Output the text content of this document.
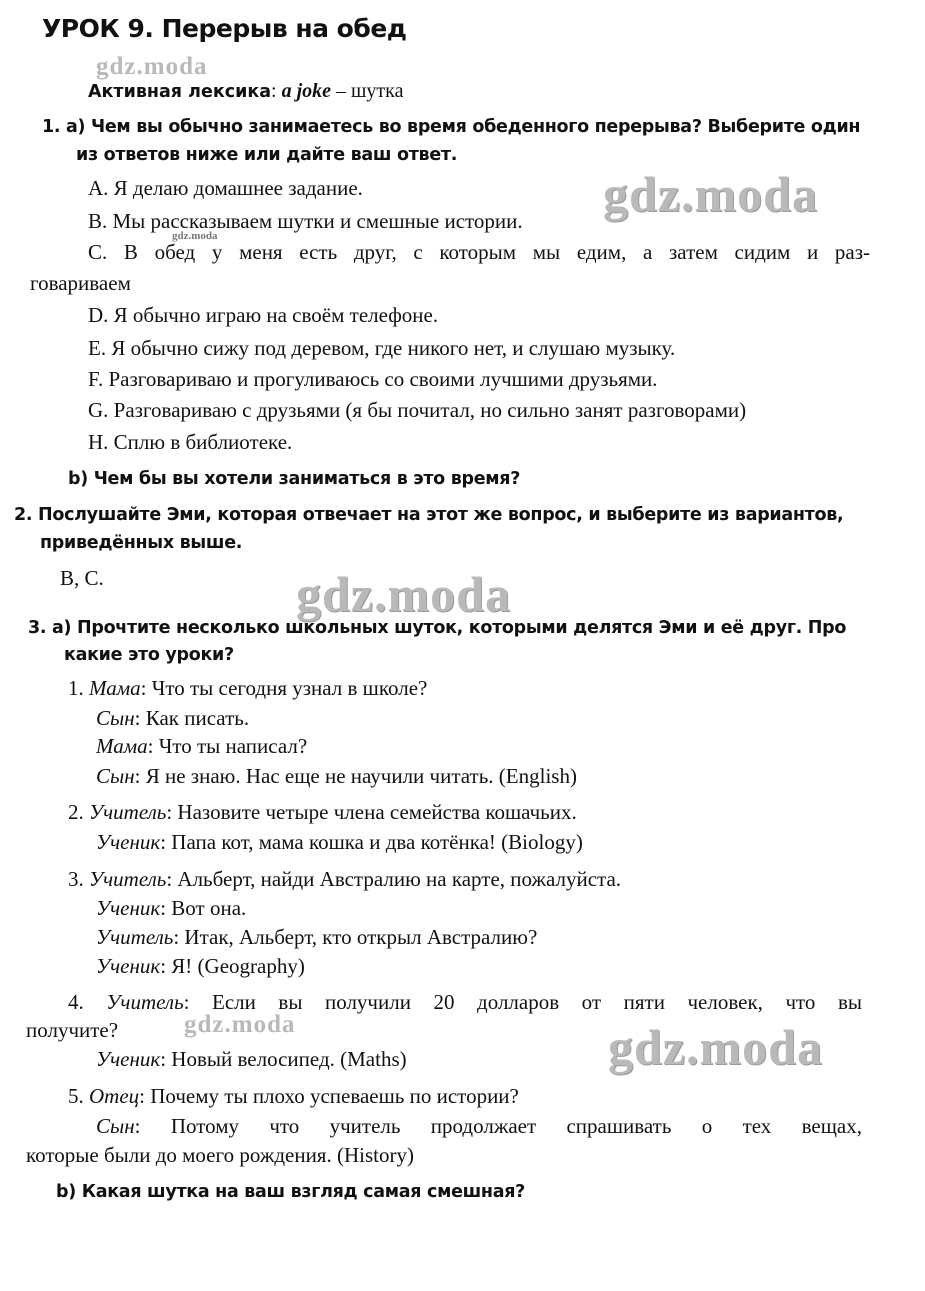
УРОК 9. Перерыв на обед
Активная лексика: a joke – шутка
1. a) Чем вы обычно занимаетесь во время обеденного перерыва? Выберите один
из ответов ниже или дайте ваш ответ.
A. Я делаю домашнее задание.
B. Мы рассказываем шутки и смешные истории.
C. В обед у меня есть друг, с которым мы едим, а затем сидим и раз-
говариваем
D. Я обычно играю на своём телефоне.
E. Я обычно сижу под деревом, где никого нет, и слушаю музыку.
F. Разговариваю и прогуливаюсь со своими лучшими друзьями.
G. Разговариваю с друзьями (я бы почитал, но сильно занят разговорами)
H. Сплю в библиотеке.
b) Чем бы вы хотели заниматься в это время?
2. Послушайте Эми, которая отвечает на этот же вопрос, и выберите из вариантов,
приведённых выше.
B, C.
3. a) Прочтите несколько школьных шуток, которыми делятся Эми и её друг. Про
какие это уроки?
1. Мама: Что ты сегодня узнал в школе?
Сын: Как писать.
Мама: Что ты написал?
Сын: Я не знаю. Нас еще не научили читать. (English)
2. Учитель: Назовите четыре члена семейства кошачьих.
Ученик: Папа кот, мама кошка и два котёнка! (Biology)
3. Учитель: Альберт, найди Австралию на карте, пожалуйста.
Ученик: Вот она.
Учитель: Итак, Альберт, кто открыл Австралию?
Ученик: Я! (Geography)
4. Учитель: Если вы получили 20 долларов от пяти человек, что вы
получите?
Ученик: Новый велосипед. (Maths)
5. Отец: Почему ты плохо успеваешь по истории?
Сын: Потому что учитель продолжает спрашивать о тех вещах,
которые были до моего рождения. (History)
b) Какая шутка на ваш взгляд самая смешная?
gdz.moda
gdz.moda
gdz.moda
gdz.moda
gdz.moda	gdz.moda
